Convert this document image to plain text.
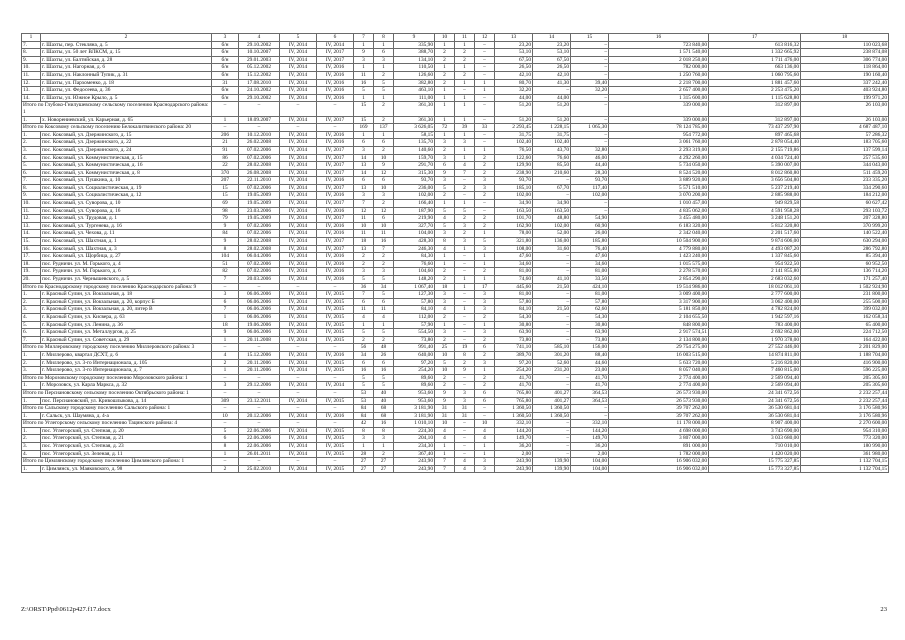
1	2	3	4	5	6	7	8	9	10	11	12	13	14	15	16	17	18
7.	г. Шахты, пер. Стекляна, д. 5	б/н	29.10.2002	IV, 2014	IV, 2014	1	1	335,90	1	1	–	23,20	23,20	–	723 840,00	613 816,32	110 023,68
8.	г. Шахты, ул. 50 лет ВЛКСМ, д. 15	б/н	10.10.2007	IV, 2014	IV, 2017	9	6	388,70	2	2	–	53,10	53,10	–	1 571 540,00	1 332 665,92	238 874,08
9.	г. Шахты, ул. Балтийская, д. 28	б/н	29.01.2003	IV, 2014	IV, 2017	3	3	134,10	2	2	–	67,50	67,50	–	2 018 250,00	1 711 476,00	306 774,00
10.	г. Шахты, ул. Нагорная, д. 6	б/н	05.12.2002	IV, 2014	IV, 2016	1	1	110,50	1	1	–	26,50	26,50	–	782 000,00	663 136,00	118 864,00
11.	г. Шахты, ул. Наклонный Тупик, д. 31	б/н	15.12.2002	IV, 2014	IV, 2016	11	2	126,60	2	2	–	42,10	42,10	–	1 250 760,00	1 060 795,60	190 160,40
12.	г. Шахты, ул. Пархоменко, д. 18	31	17.08.2010	IV, 2014	IV, 2016	16	5	382,80	2	1	1	80,70	41,30	39,40	2 218 700,00	1 881 457,60	337 242,40
13.	г. Шахты, ул. Федосеева, д. 36	б/н	24.10.2002	IV, 2014	IV, 2016	5	5	463,10	1	–	1	32,20	–	32,20	2 657 400,00	2 253 475,20	403 924,80
14.	г. Шахты, ул. Южное Крыло, д. 5	б/н	29.10.2002	IV, 2014	IV, 2016	1	1	111,00	1	1	–	44,00	44,00	–	1 315 600,00	1 115 628,80	199 971,20
Итого по Глубоко-Гнилушевскому сельскому поселению Краснодарского района: 1		–	–	–	–	15	2	361,30	1	1	–	51,20	51,20	–	339 000,00	312 897,00	26 103,00
1.	х. Новорениевский, ул. Карьерная, д. 65	1	18.09.2007	IV, 2014	IV, 2017	15	2	361,30	1	1	–	51,20	51,20	–	339 000,00	312 897,00	26 103,00
Итого по Коксовому сельскому поселению Белокалитвинского района: 20		–	–	–	–	169	137	3 626,05	72	39	33	2 293,45	1 228,15	1 065,30	78 124 785,00	73 437 297,90	4 687 487,10
1.	пос. Коксовый, ул. Дзержинского, д. 15	206	10.12.2010	IV, 2014	IV, 2016	1	1	58,15	1	1	–	31,75	31,75	–	954 772,00	897 465,68	57 286,32
2.	пос. Коксовый, ул. Дзержинского, д. 22	21	26.02.2008	IV, 2014	IV, 2016	6	6	135,70	3	3	–	102,40	102,40	–	3 061 760,00	2 878 054,40	183 705,60
3.	пос. Коксовый, ул. Дзержинского, д. 24	91	07.02.2006	IV, 2014	IV, 2017	3	2	140,60	2	1	1	76,50	43,70	32,80	2 293 319,00	2 155 719,86	137 599,14
4.	пос. Коксовый, ул. Коммунистическая, д. 15	86	07.02.2006	IV, 2014	IV, 2017	14	10	159,70	3	1	2	122,60	76,60	46,00	4 292 260,00	4 034 724,40	257 535,60
5.	пос. Коксовый, ул. Коммунистическая, д. 16	22	28.02.2008	IV, 2014	IV, 2017	13	9	291,70	6	4	2	129,90	85,50	44,40	5 734 050,00	5 390 007,00	344 043,00
6.	пос. Коксовый, ул. Коммунистическая, д. 8	370	26.08.2008	IV, 2014	IV, 2017	14	12	315,30	9	7	2	238,90	210,60	28,30	8 524 520,00	8 012 860,80	511 459,20
7.	пос. Коксовый, ул. Пушкина, д. 10	207	22.11.2010	IV, 2014	IV, 2016	6	6	93,70	3	–	3	93,70	–	93,70	3 889 920,00	3 656 504,80	233 335,20
8.	пос. Коксовый, ул. Социалистическая, д. 19	15	07.02.2006	IV, 2014	IV, 2017	13	10	236,00	5	2	3	185,10	67,70	117,40	5 571 510,00	5 237 219,40	334 290,60
9.	пос. Коксовый, ул. Социалистическая, д. 12	15	19.05.2009	IV, 2014	IV, 2016	3	3	102,00	2	–	2	102,00	–	102,00	3 070 200,00	2 885 988,00	184 212,00
10.	пос. Коксовый, ул. Суворова, д. 10	69	19.05.2009	IV, 2014	IV, 2017	7	2	166,40	1	1	–	34,90	34,90	–	1 010 457,00	949 829,58	60 627,42
11.	пос. Коксовый, ул. Суворова, д. 16	98	23.03.2006	IV, 2014	IV, 2016	12	12	187,90	5	5	–	163,50	163,50	–	4 835 062,00	4 591 958,28	293 103,72
12.	пос. Коксовый, ул. Трудовая, д. 1	79	19.05.2009	IV, 2014	IV, 2017	11	6	219,90	4	2	2	101,70	48,80	54,90	3 455 480,00	3 248 151,20	207 328,80
13.	пос. Коксовый, ул. Тургенева, д. 16	9	07.02.2006	IV, 2014	IV, 2016	10	10	327,70	5	3	2	162,90	102,00	60,90	6 183 320,00	5 812 320,80	370 999,20
14.	пос. Коксовый, ул. Чехова, д. 11	84	07.02.2006	IV, 2014	IV, 2016	11	11	104,00	3	2	1	78,00	52,00	26,00	2 342 040,00	2 201 517,60	140 522,40
15.	пос. Коксовый, ул. Шахтная, д. 1	9	28.02.2008	IV, 2014	IV, 2017	18	16	428,30	8	3	5	321,80	136,00	185,80	10 504 900,00	9 874 606,00	630 294,00
16.	пос. Коксовый, ул. Шахтная, д. 3	8	28.02.2008	IV, 2014	IV, 2017	13	7	246,30	4	1	3	108,00	31,60	76,40	4 779 880,00	4 493 087,20	286 792,80
17.	пос. Коксовый, ул. Щорбица, д. 27	104	06.04.2006	IV, 2014	IV, 2016	2	2	84,30	1	–	1	47,60	–	47,60	1 423 240,00	1 337 845,60	85 394,40
18.	пос. Рудничн. ул. М. Горького, д. 4	51	07.02.2006	IV, 2014	IV, 2016	2	2	76,60	1	–	1	34,60	–	34,60	1 015 575,00	954 922,50	60 952,50
19.	пос. Рудничн. ул. М. Горького, д. 6	82	07.02.2006	IV, 2014	IV, 2016	3	3	104,60	2	–	2	81,00	–	81,00	2 278 570,00	2 141 855,80	136 714,20
20.	пос. Рудничн. ул. Чернышевского, д. 5	7	20.03.2006	IV, 2014	IV, 2016	5	5	148,20	2	1	1	74,60	41,10	33,50	2 854 290,00	2 683 032,60	171 257,40
Итого по Краснодарскому городскому поселению Краснодарского района: 9		–	–	–	–	36	34	1 067,40	18	1	17	445,60	21,50	424,10	19 514 986,00	18 012 061,10	1 502 924,90
1.	г. Красный Сулин, ул. Вокзальная, д. 18	3	06.06.2006	IV, 2014	IV, 2015	7	5	127,30	3	–	3	81,00	–	81,00	3 009 400,00	2 777 600,00	231 800,00
2.	г. Красный Сулин, ул. Вокзальная, д. 20, корпус Б	6	06.06.2006	IV, 2014	IV, 2015	6	6	57,80	3	–	3	57,80	–	57,80	3 317 900,00	3 062 400,00	255 500,00
3.	г. Красный Сулин, ул. Вокзальная, д. 20, литер В	7	06.06.2006	IV, 2014	IV, 2015	11	11	84,10	4	1	3	84,10	21,50	62,60	5 181 850,00	4 782 824,00	399 032,00
4.	г. Красный Сулин, ул. Кисвера, д. 63	1	06.06.2006	IV, 2014	IV, 2015	4	4	112,00	2	–	2	54,30	–	54,30	2 104 655,50	1 942 597,16	162 058,34
5.	г. Красный Сулин, ул. Ленина, д. 36	18	19.06.2006	IV, 2014	IV, 2015	1	1	57,90	1	–	1	30,80	–	30,80	848 800,00	783 400,00	65 400,00
6.	г. Красный Сулин, ул. Металлургов, д. 25	9	06.06.2006	IV, 2014	IV, 2015	5	5	554,50	3	–	3	63,90	–	63,90	2 917 574,51	2 692 862,00	224 712,50
7.	г. Красный Сулин, ул. Советская, д. 29	1	20.11.2008	IV, 2014	IV, 2015	2	2	73,80	2	–	2	73,80	–	73,80	2 134 800,00	1 970 378,00	164 422,00
Итого по Миллеровскому городскому поселению Миллеровского района: 3		–	–	–	–	56	48	991,40	25	19	6	741,10	585,10	156,00	29 754 275,00	27 552 446,00	2 201 829,00
1.	г. Миллерово, квартал ДСХТ, д. 6	4	15.12.2006	IV, 2014	IV, 2016	34	26	640,00	10	8	2	389,70	301,20	88,40	16 003 515,00	14 874 811,00	1 188 704,00
2.	г. Миллерово, ул. 3-го Интернационала, д. 105	2	20.11.2006	IV, 2014	IV, 2015	6	6	97,20	5	2	3	97,20	52,60	44,60	5 633 720,00	5 216 820,00	416 900,00
3.	г. Миллерово, ул. 3-го Интернационала, д. 7	1	20.11.2006	IV, 2014	IV, 2015	16	16	254,20	10	9	1	254,20	231,20	23,00	8 057 040,00	7 460 815,00	596 225,00
Итого по Морозовскому городскому поселению Морозовского района: 1		–	–	–	–	5	5	89,60	2	–	2	41,70	–	41,70	2 774 400,00	2 569 094,40	205 305,60
1.	г. Морозовск, ул. Карла Маркса, д. 32	3	29.12.2006	IV, 2014	IV, 2014	5	5	89,60	2	–	2	41,70	–	41,70	2 774 400,00	2 569 094,40	205 305,60
Итого по Персиановскому сельскому поселению Октябрьского района: 1		–	–	–	–	53	40	953,60	9	3	6	765,80	401,27	364,53	26 573 930,00	24 341 672,56	2 232 257,44
1.	пос. Персиановский, ул. Кривошлыкова, д. 14	309	23.12.2011	IV, 2014	IV, 2015	53	40	953,60	9	3	6	765,80	401,27	364,53	26 573 930,00	24 341 672,56	2 232 257,44
Итого по Сальскому городскому поселению Сальского района: 1		–	–	–	–	84	68	3 181,90	31	31	–	1 360,50	1 360,50	–	39 707 262,00	36 530 681,04	3 176 580,96
1.	г. Сальск, ул. Шаумяна, д. 4-а	10	20.12.2006	IV, 2014	IV, 2016	84	68	3 181,90	31	31	–	1 360,50	1 360,50	–	39 707 262,00	36 530 681,04	3 176 580,96
Итого по Углегорскому сельскому поселению Тацинского района: 4		–	–	–	–	42	16	1 010,10	10	–	10	332,10	–	332,10	11 178 000,00	8 907 400,00	2 270 600,00
1.	пос. Углегорский, ул. Степная, д. 20	5	22.06.2006	IV, 2014	IV, 2015	8	8	224,30	4	–	4	144,20	–	144,20	4 698 000,00	3 743 690,00	954 310,00
2.	пос. Углегорский, ул. Степная, д. 21	6	22.06.2006	IV, 2014	IV, 2015	3	3	204,10	4	–	4	149,70	–	149,70	3 807 000,00	3 033 680,00	773 320,00
3.	пос. Углегорский, ул. Степная, д. 23	8	22.06.2006	IV, 2014	IV, 2015	1	1	234,30	1	–	1	36,20	–	36,20	891 000,00	710 010,00	180 990,00
4.	пос. Углегорский, ул. Зеленая, д. 11	1	26.01.2011	IV, 2014	IV, 2015	28	2	367,40	1	–	1	2,00	–	2,00	1 782 000,00	1 420 020,00	361 980,00
Итого по Цимлянскому городскому поселению Цимлянского района: 1		–	–	–	–	27	27	243,90	7	4	3	243,90	139,90	104,00	16 906 032,00	15 775 327,85	1 132 704,15
1.	г. Цимлянск, ул. Маяковского, д. 98	2	25.02.2010	IV, 2014	IV, 2015	27	27	243,90	7	4	3	243,90	139,90	104,00	16 906 032,00	15 773 327,85	1 132 704,15
Z:\ORST\Ppd\0612p427.f17.docx	23
